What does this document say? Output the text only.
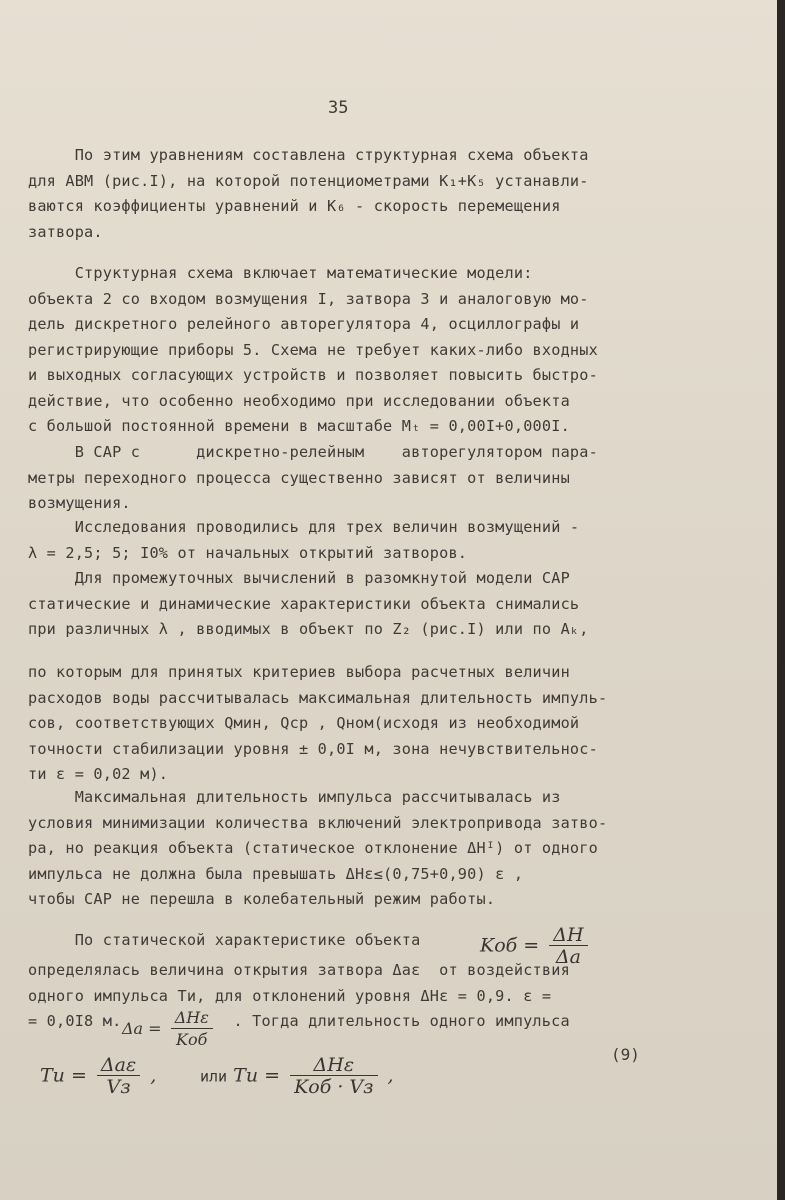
35
По этим уравнениям составлена структурная схема объекта
для АВМ (рис.I), на которой потенциометрами К₁+К₅ устанавли-
ваются коэффициенты уравнений и К₆ - скорость перемещения
затвора.
Структурная схема включает математические модели:
объекта 2 со входом возмущения I, затвора 3 и аналоговую мо-
дель дискретного релейного авторегулятора 4, осциллографы и
регистрирующие приборы 5. Схема не требует каких-либо входных
и выходных согласующих устройств и позволяет повысить быстро-
действие, что особенно необходимо при исследовании объекта
с большой постоянной времени в масштабе Мₜ = 0,00I+0,000I.
В САР с      дискретно-релейным    авторегулятором пара-
метры переходного процесса существенно зависят от величины
возмущения.
Исследования проводились для трех величин возмущений -
λ = 2,5; 5; I0% от начальных открытий затворов.
Для промежуточных вычислений в разомкнутой модели САР
статические и динамические характеристики объекта снимались
при различных λ , вводимых в объект по Z₂ (рис.I) или по Аₖ,
по которым для принятых критериев выбора расчетных величин
расходов воды рассчитывалась максимальная длительность импуль-
сов, соответствующих Qмин, Qср , Qном(исходя из необходимой
точности стабилизации уровня ± 0,0I м, зона нечувствительнос-
ти ε = 0,02 м).
Максимальная длительность импульса рассчитывалась из
условия минимизации количества включений электропривода затво-
ра, но реакция объекта (статическое отклонение ΔHᴵ) от одного
импульса не должна была превышать ΔHε≤(0,75+0,90) ε ,
чтобы САР не перешла в колебательный режим работы.
По статической характеристике объекта
определялась величина открытия затвора Δaε  от воздействия
одного импульса Tи, для отклонений уровня ΔHε = 0,9. ε =
= 0,0I8 м.	. Тогда длительность одного импульса
Kоб = $\frac{\Delta H}{\Delta a}$
$\Delta a = \frac{\text{ΔHε}}{\text{Kоб}}$
Tи = $\frac{\text{Δaε}}{Vз}$ ,	или Tи = $\frac{\text{ΔHε}}{\text{Kоб · Vз}}$ ,
(9)
